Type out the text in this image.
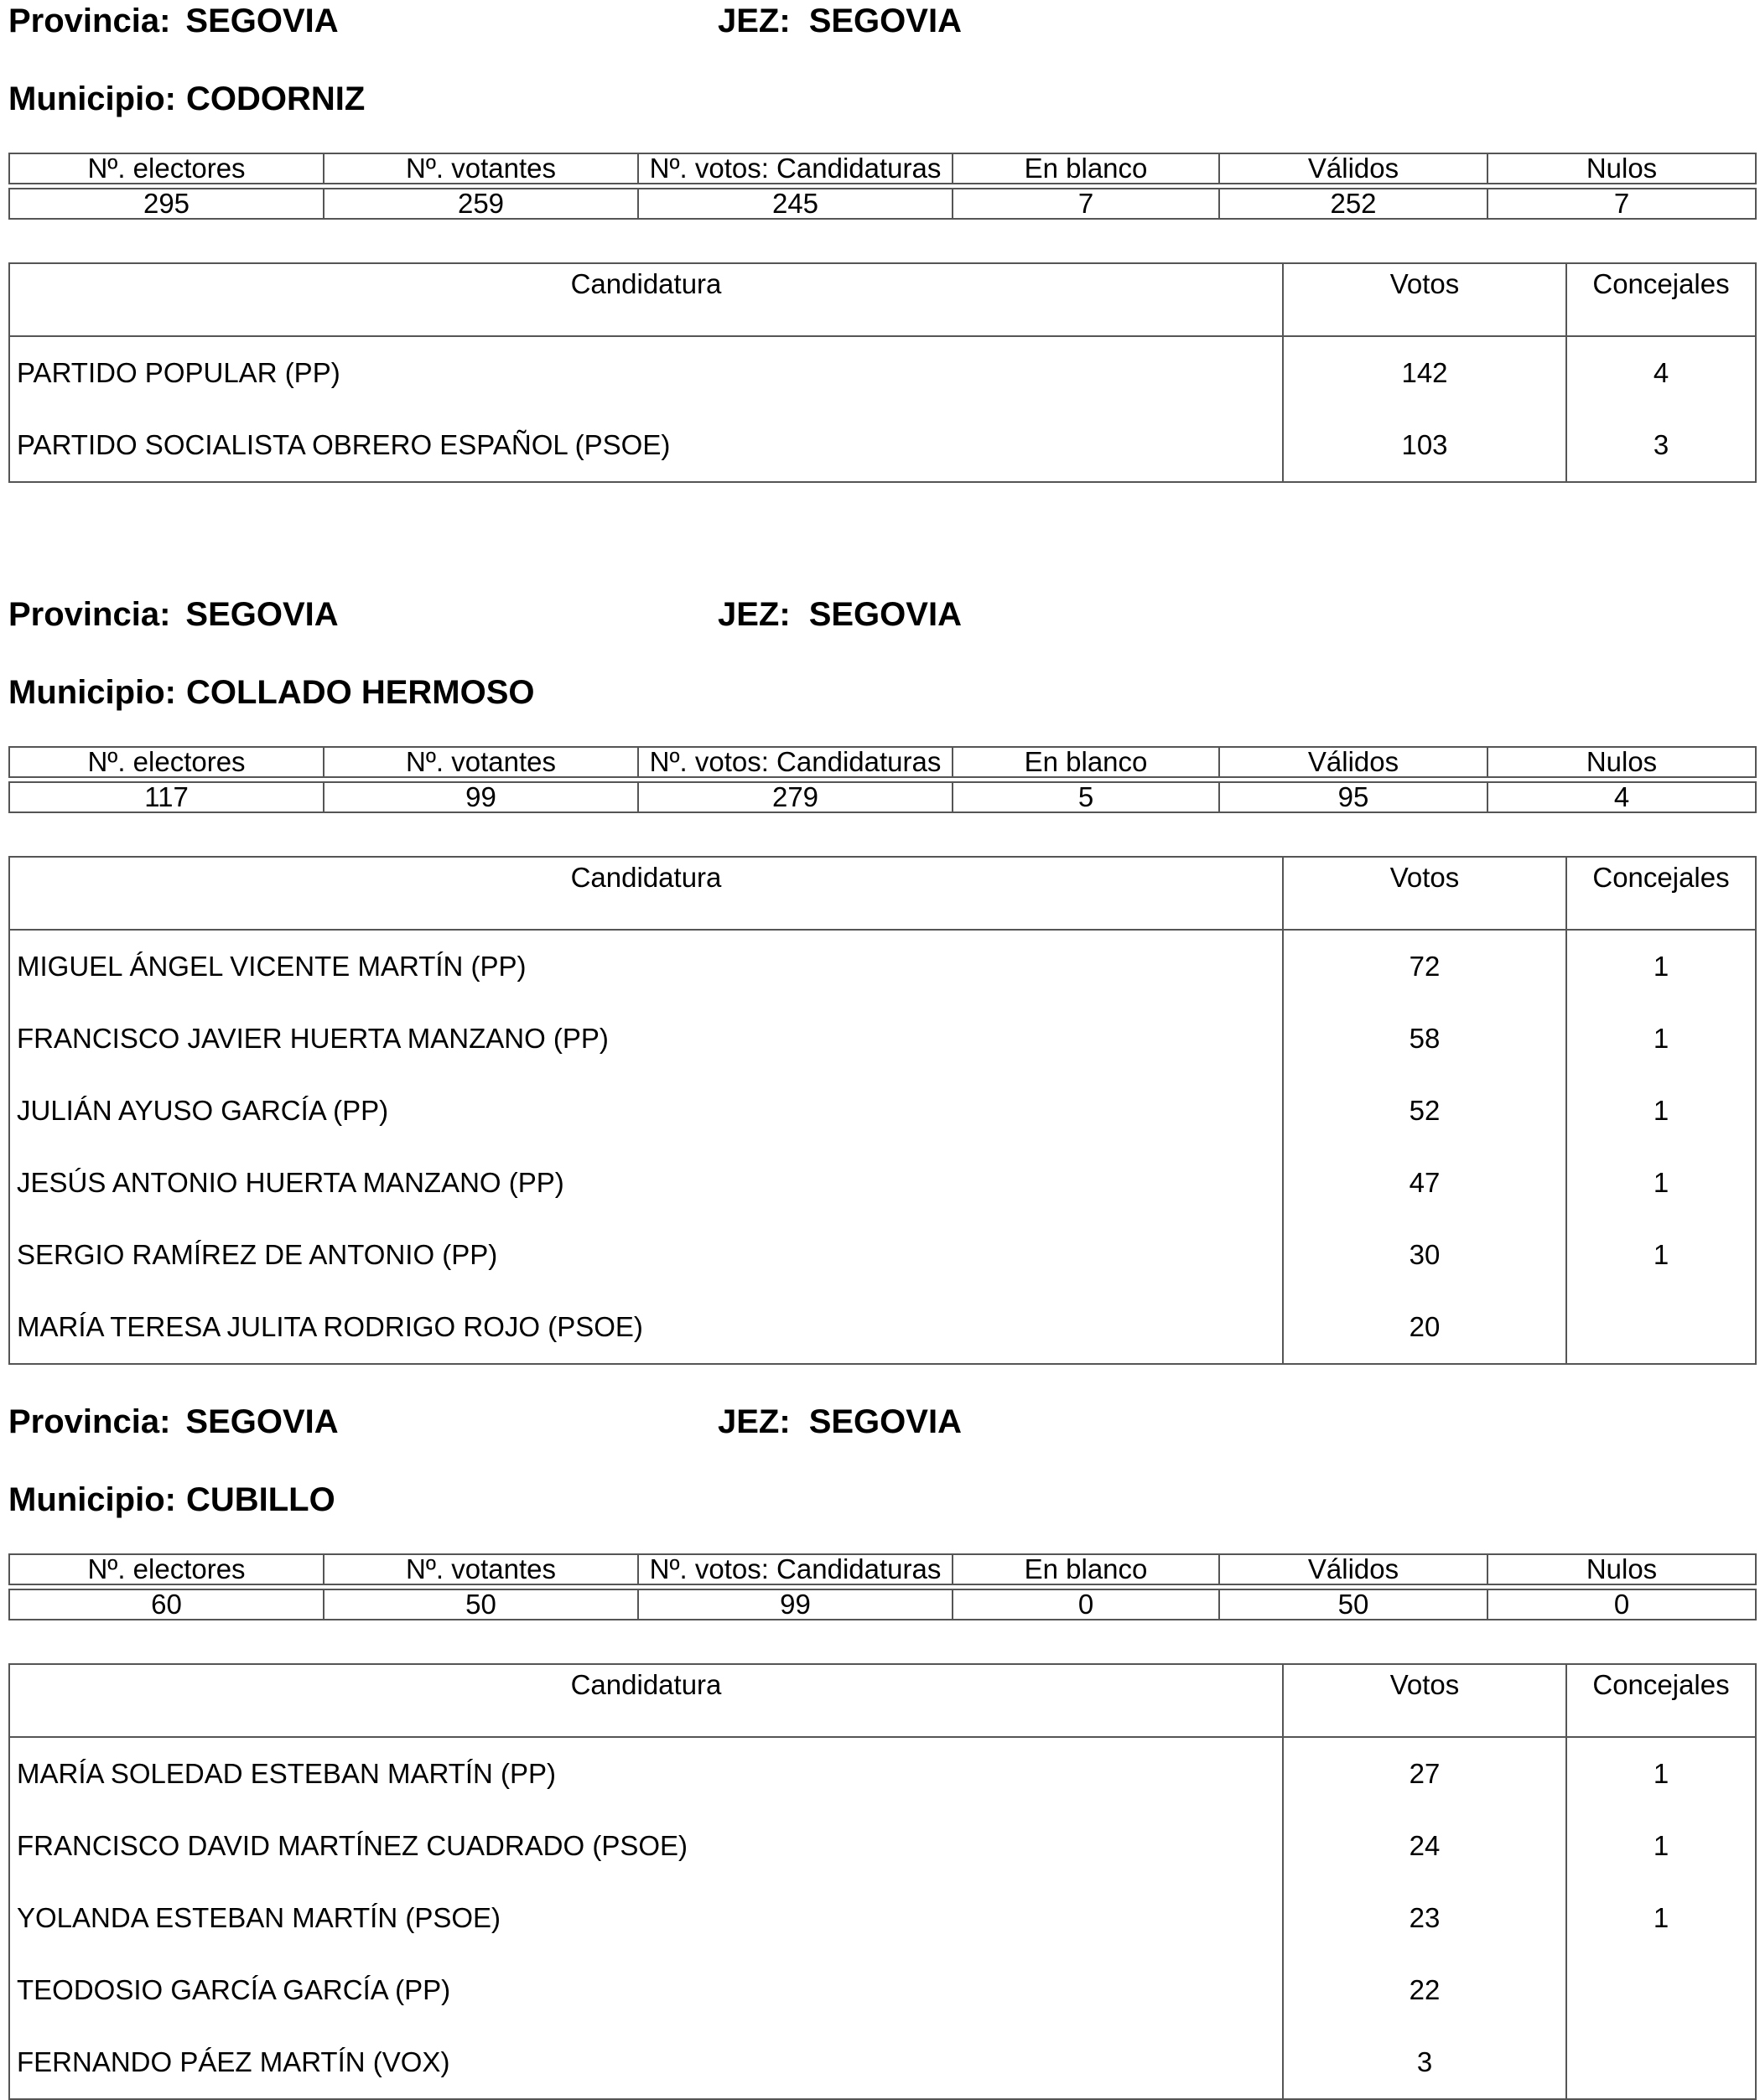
Provincia: SEGOVIA	JEZ: SEGOVIA
Municipio: CODORNIZ
Nº. electores	Nº. votantes	Nº. votos: Candidaturas	En blanco	Válidos	Nulos

295	259	245	7	252	7
Candidatura	Votos	Concejales
PARTIDO POPULAR (PP)	142	4
PARTIDO SOCIALISTA OBRERO ESPAÑOL (PSOE)	103	3
Provincia: SEGOVIA	JEZ: SEGOVIA
Municipio: COLLADO HERMOSO
Nº. electores	Nº. votantes	Nº. votos: Candidaturas	En blanco	Válidos	Nulos

117	99	279	5	95	4
Candidatura	Votos	Concejales
MIGUEL ÁNGEL VICENTE MARTÍN (PP)	72	1
FRANCISCO JAVIER HUERTA MANZANO (PP)	58	1
JULIÁN AYUSO GARCÍA (PP)	52	1
JESÚS ANTONIO HUERTA MANZANO (PP)	47	1
SERGIO RAMÍREZ DE ANTONIO (PP)	30	1
MARÍA TERESA JULITA RODRIGO ROJO (PSOE)	20	
Provincia: SEGOVIA	JEZ: SEGOVIA
Municipio: CUBILLO
Nº. electores	Nº. votantes	Nº. votos: Candidaturas	En blanco	Válidos	Nulos

60	50	99	0	50	0
Candidatura	Votos	Concejales
MARÍA SOLEDAD ESTEBAN MARTÍN (PP)	27	1
FRANCISCO DAVID MARTÍNEZ CUADRADO (PSOE)	24	1
YOLANDA ESTEBAN MARTÍN (PSOE)	23	1
TEODOSIO GARCÍA GARCÍA (PP)	22	
FERNANDO PÁEZ MARTÍN (VOX)	3	
